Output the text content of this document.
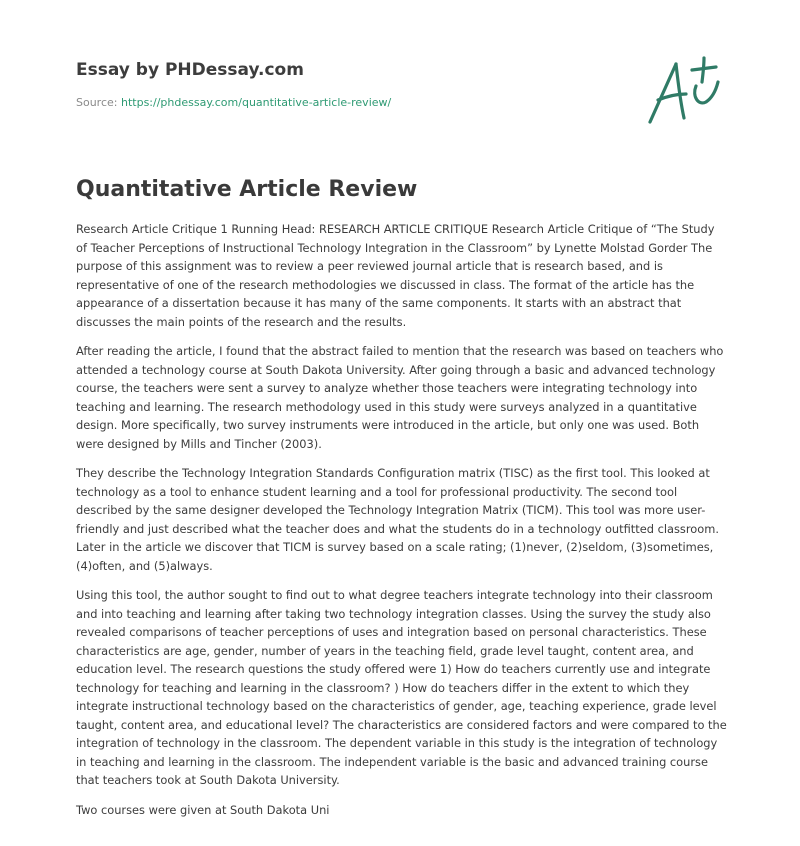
Essay by PHDessay.com
Source: https://phdessay.com/quantitative-article-review/
Quantitative Article Review

Research Article Critique 1 Running Head: RESEARCH ARTICLE CRITIQUE Research Article Critique of “The Study of Teacher Perceptions of Instructional Technology Integration in the Classroom” by Lynette Molstad Gorder The purpose of this assignment was to review a peer reviewed journal article that is research based, and is representative of one of the research methodologies we discussed in class. The format of the article has the appearance of a dissertation because it has many of the same components. It starts with an abstract that discusses the main points of the research and the results.

After reading the article, I found that the abstract failed to mention that the research was based on teachers who attended a technology course at South Dakota University. After going through a basic and advanced technology course, the teachers were sent a survey to analyze whether those teachers were integrating technology into teaching and learning. The research methodology used in this study were surveys analyzed in a quantitative design. More specifically, two survey instruments were introduced in the article, but only one was used. Both were designed by Mills and Tincher (2003).

They describe the Technology Integration Standards Configuration matrix (TISC) as the first tool. This looked at technology as a tool to enhance student learning and a tool for professional productivity. The second tool described by the same designer developed the Technology Integration Matrix (TICM). This tool was more user-friendly and just described what the teacher does and what the students do in a technology outfitted classroom. Later in the article we discover that TICM is survey based on a scale rating; (1)never, (2)seldom, (3)sometimes, (4)often, and (5)always.

Using this tool, the author sought to find out to what degree teachers integrate technology into their classroom and into teaching and learning after taking two technology integration classes. Using the survey the study also revealed comparisons of teacher perceptions of uses and integration based on personal characteristics. These characteristics are age, gender, number of years in the teaching field, grade level taught, content area, and education level. The research questions the study offered were 1) How do teachers currently use and integrate technology for teaching and learning in the classroom? ) How do teachers differ in the extent to which they integrate instructional technology based on the characteristics of gender, age, teaching experience, grade level taught, content area, and educational level? The characteristics are considered factors and were compared to the integration of technology in the classroom. The dependent variable in this study is the integration of technology in teaching and learning in the classroom. The independent variable is the basic and advanced training course that teachers took at South Dakota University.

Two courses were given at South Dakota Uni
